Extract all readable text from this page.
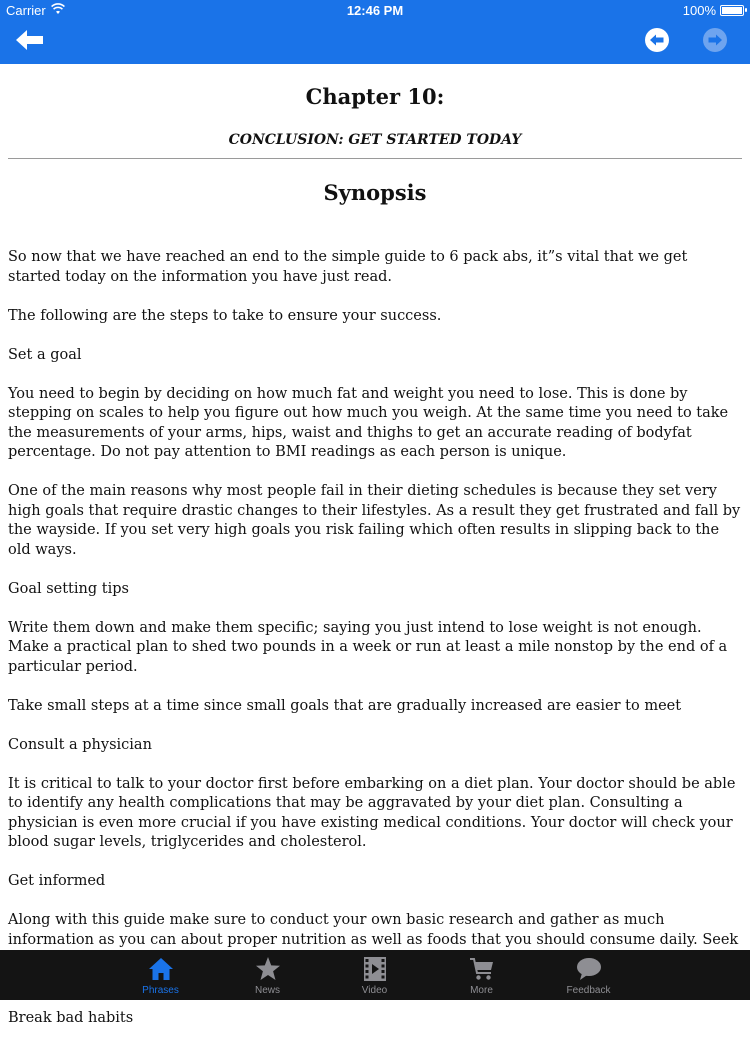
Carrier	12:46 PM	100%
Chapter 10:
CONCLUSION: GET STARTED TODAY
Synopsis

So now that we have reached an end to the simple guide to 6 pack abs, it”s vital that we get started today on the information you have just read.

The following are the steps to take to ensure your success.

Set a goal

You need to begin by deciding on how much fat and weight you need to lose. This is done by stepping on scales to help you figure out how much you weigh. At the same time you need to take the measurements of your arms, hips, waist and thighs to get an accurate reading of bodyfat percentage. Do not pay attention to BMI readings as each person is unique.

One of the main reasons why most people fail in their dieting schedules is because they set very high goals that require drastic changes to their lifestyles. As a result they get frustrated and fall by the wayside. If you set very high goals you risk failing which often results in slipping back to the old ways.

Goal setting tips

Write them down and make them specific; saying you just intend to lose weight is not enough. Make a practical plan to shed two pounds in a week or run at least a mile nonstop by the end of a particular period.

Take small steps at a time since small goals that are gradually increased are easier to meet

Consult a physician

It is critical to talk to your doctor first before embarking on a diet plan. Your doctor should be able to identify any health complications that may be aggravated by your diet plan. Consulting a physician is even more crucial if you have existing medical conditions. Your doctor will check your blood sugar levels, triglycerides and cholesterol.

Get informed

Along with this guide make sure to conduct your own basic research and gather as much information as you can about proper nutrition as well as foods that you should consume daily. Seek

Break bad habits

Phrases	News	Video	More	Feedback
